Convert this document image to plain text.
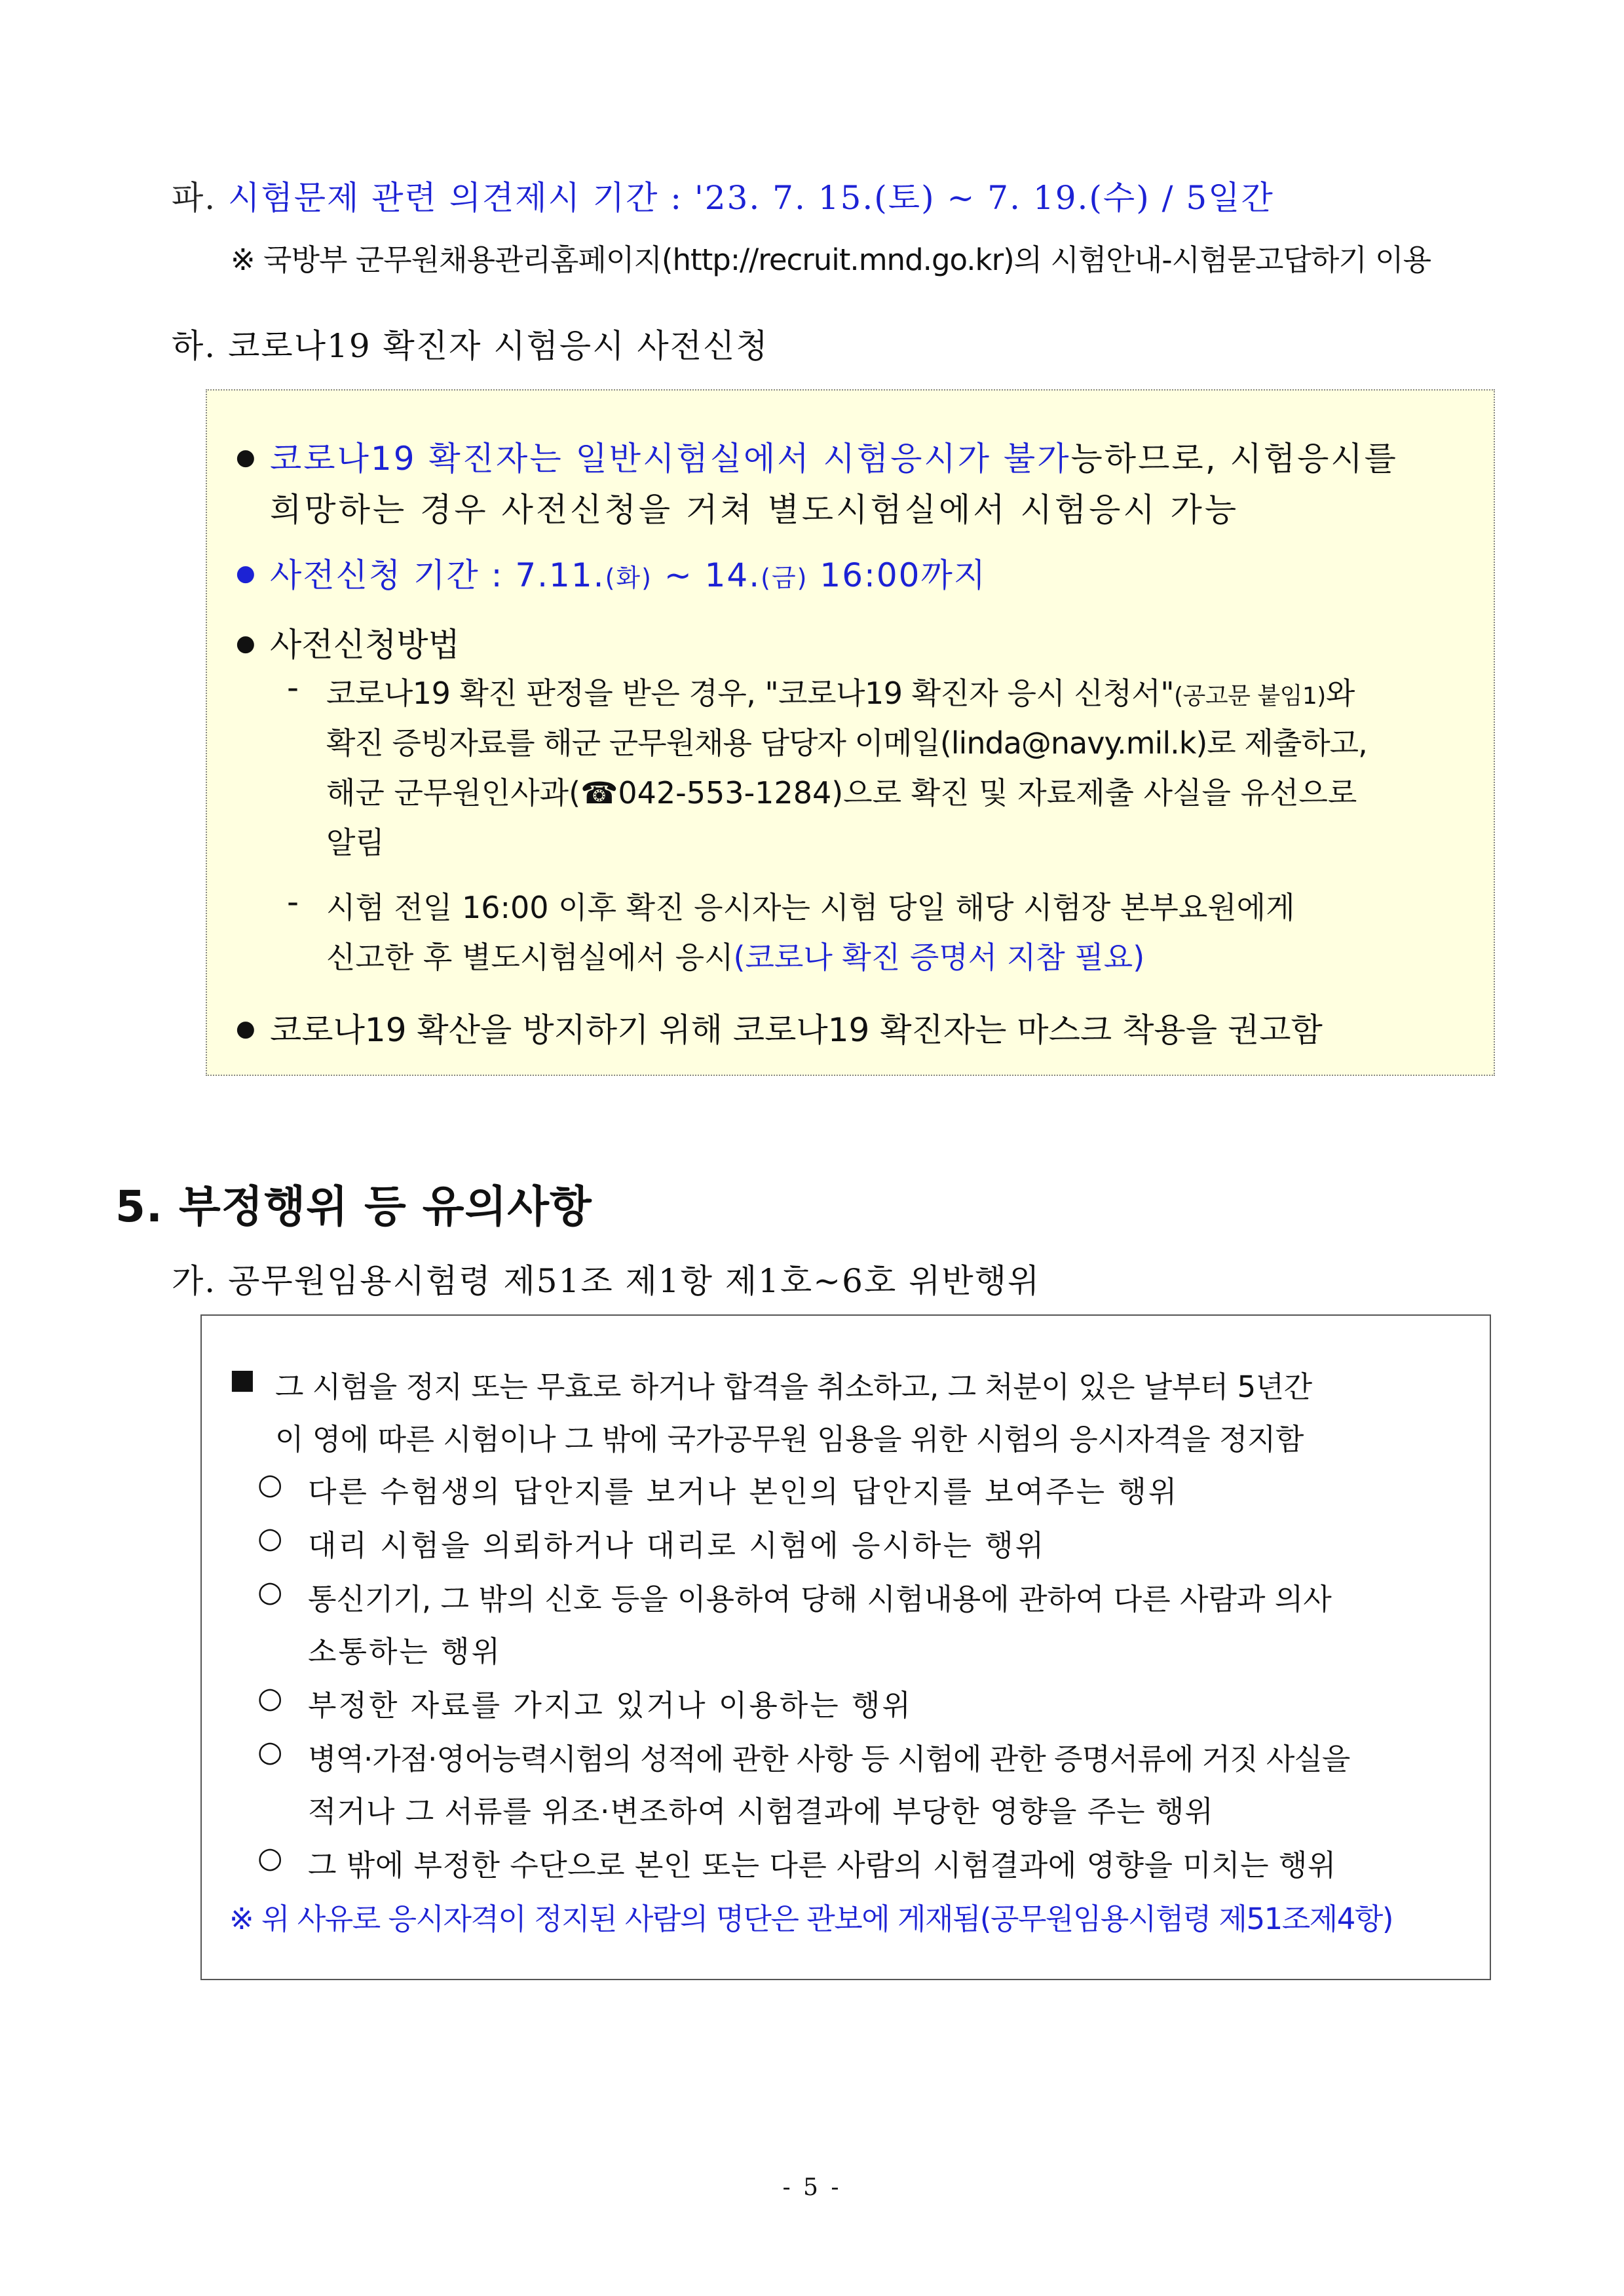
파. 시험문제 관련 의견제시 기간 : '23. 7. 15.(토) ~ 7. 19.(수) / 5일간
※ 국방부 군무원채용관리홈페이지(http://recruit.mnd.go.kr)의 시험안내-시험묻고답하기 이용
하. 코로나19 확진자 시험응시 사전신청
● 코로나19 확진자는 일반시험실에서 시험응시가 불가능하므로, 시험응시를
희망하는 경우 사전신청을 거쳐 별도시험실에서 시험응시 가능
● 사전신청 기간 : 7.11.(화) ~ 14.(금) 16:00까지
● 사전신청방법
- 코로나19 확진 판정을 받은 경우, "코로나19 확진자 응시 신청서"(공고문 붙임1)와
확진 증빙자료를 해군 군무원채용 담당자 이메일(linda@navy.mil.k)로 제출하고,
해군 군무원인사과(☎042-553-1284)으로 확진 및 자료제출 사실을 유선으로
알림
- 시험 전일 16:00 이후 확진 응시자는 시험 당일 해당 시험장 본부요원에게
신고한 후 별도시험실에서 응시(코로나 확진 증명서 지참 필요)
● 코로나19 확산을 방지하기 위해 코로나19 확진자는 마스크 착용을 권고함
5. 부정행위 등 유의사항
가. 공무원임용시험령 제51조 제1항 제1호~6호 위반행위
■ 그 시험을 정지 또는 무효로 하거나 합격을 취소하고, 그 처분이 있은 날부터 5년간
이 영에 따른 시험이나 그 밖에 국가공무원 임용을 위한 시험의 응시자격을 정지함
○ 다른 수험생의 답안지를 보거나 본인의 답안지를 보여주는 행위
○ 대리 시험을 의뢰하거나 대리로 시험에 응시하는 행위
○ 통신기기, 그 밖의 신호 등을 이용하여 당해 시험내용에 관하여 다른 사람과 의사
소통하는 행위
○ 부정한 자료를 가지고 있거나 이용하는 행위
○ 병역·가점·영어능력시험의 성적에 관한 사항 등 시험에 관한 증명서류에 거짓 사실을
적거나 그 서류를 위조·변조하여 시험결과에 부당한 영향을 주는 행위
○ 그 밖에 부정한 수단으로 본인 또는 다른 사람의 시험결과에 영향을 미치는 행위
※ 위 사유로 응시자격이 정지된 사람의 명단은 관보에 게재됨(공무원임용시험령 제51조제4항)
- 5 -
